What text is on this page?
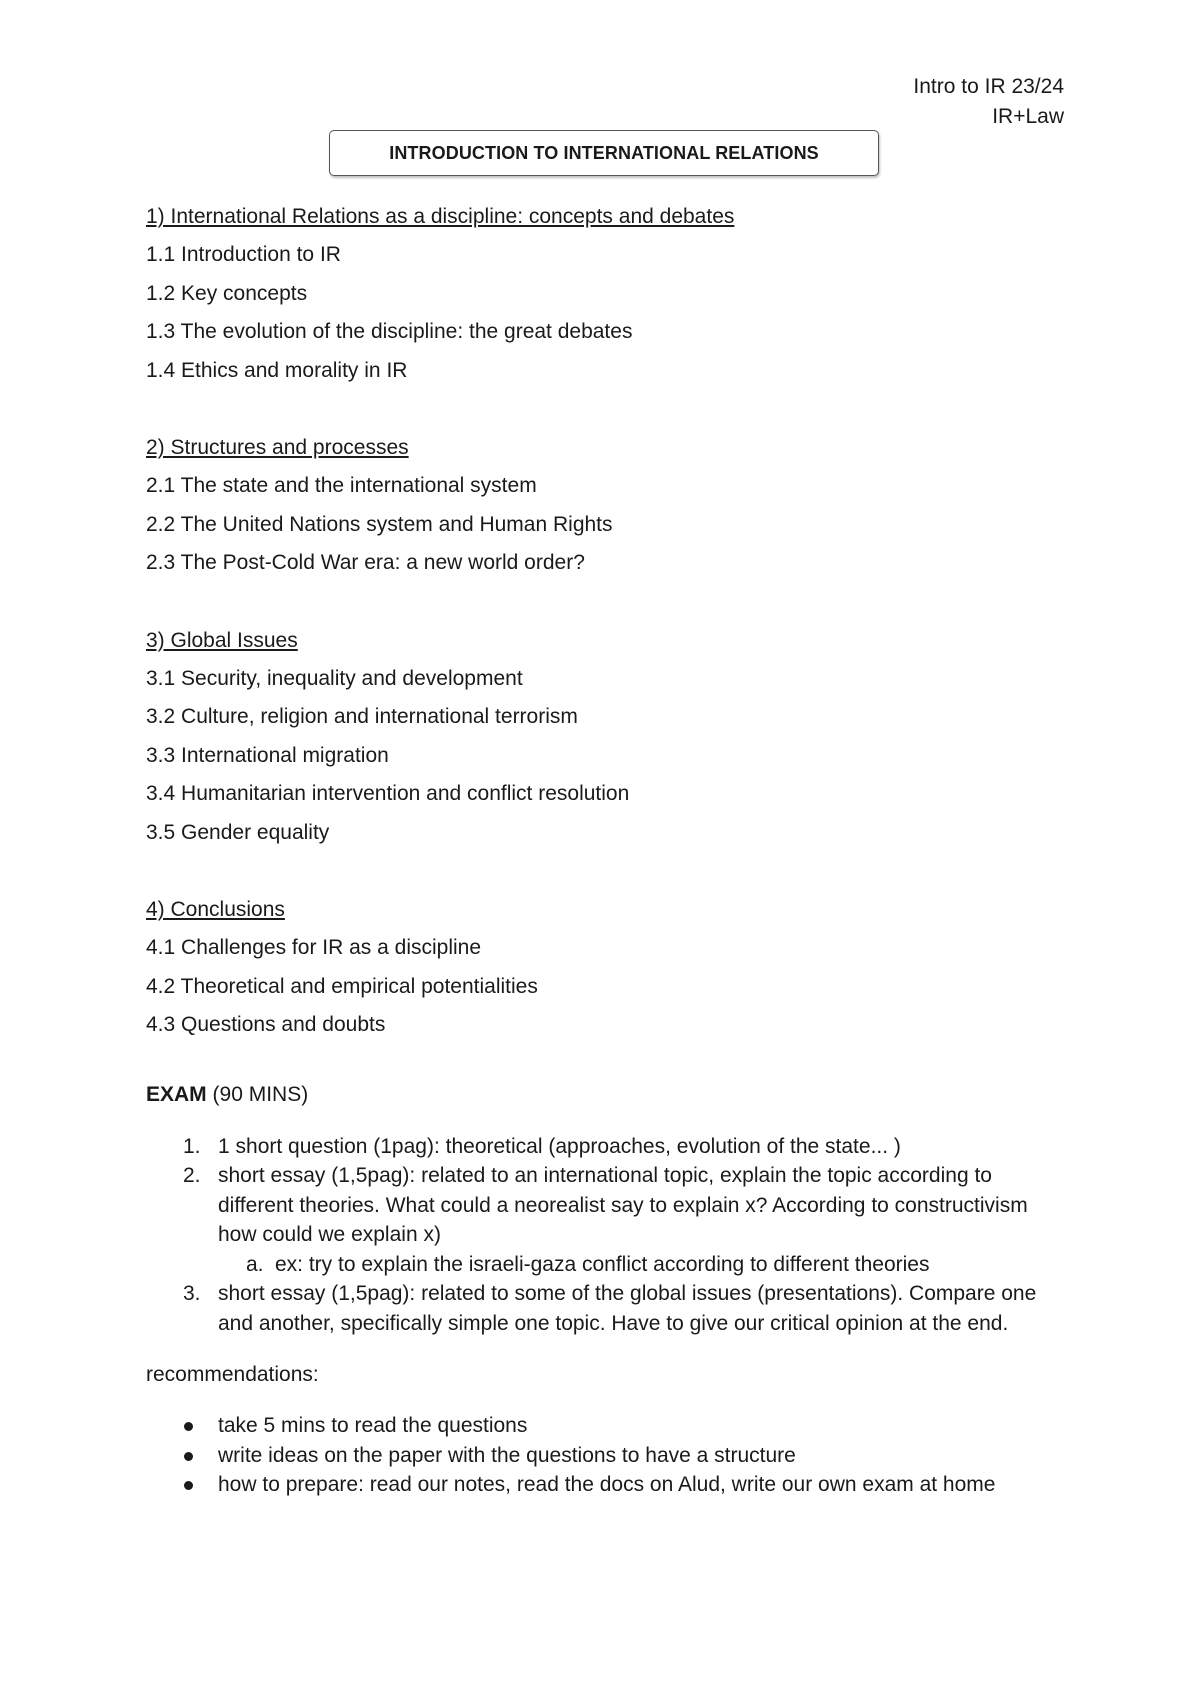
Intro to IR 23/24
IR+Law
INTRODUCTION TO INTERNATIONAL RELATIONS
1) International Relations as a discipline: concepts and debates
1.1 Introduction to IR
1.2 Key concepts
1.3 The evolution of the discipline: the great debates
1.4 Ethics and morality in IR
2) Structures and processes
2.1 The state and the international system
2.2 The United Nations system and Human Rights
2.3 The Post-Cold War era: a new world order?
3) Global Issues
3.1 Security, inequality and development
3.2 Culture, religion and international terrorism
3.3 International migration
3.4 Humanitarian intervention and conflict resolution
3.5 Gender equality
4) Conclusions
4.1 Challenges for IR as a discipline
4.2 Theoretical and empirical potentialities
4.3 Questions and doubts
EXAM (90 MINS)
1. 1 short question (1pag): theoretical (approaches, evolution of the state... )
2. short essay (1,5pag): related to an international topic, explain the topic according to different theories. What could a neorealist say to explain x? According to constructivism how could we explain x)
a. ex: try to explain the israeli-gaza conflict according to different theories
3. short essay (1,5pag): related to some of the global issues (presentations). Compare one and another, specifically simple one topic. Have to give our critical opinion at the end.
recommendations:
take 5 mins to read the questions
write ideas on the paper with the questions to have a structure
how to prepare: read our notes, read the docs on Alud, write our own exam at home
